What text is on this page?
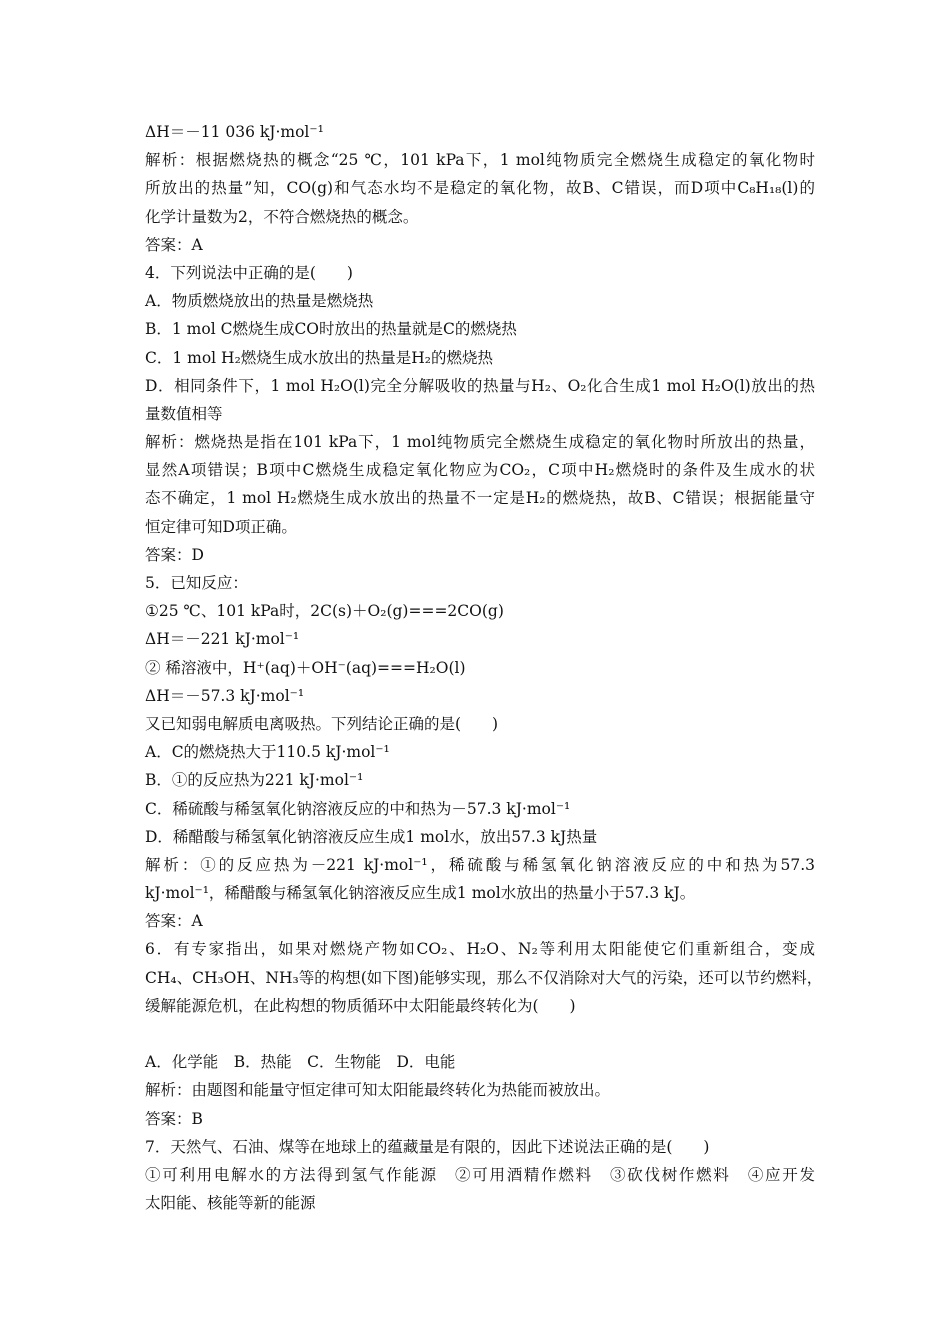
ΔH＝－11 036 kJ·mol⁻¹
解析：根据燃烧热的概念“25 ℃，101 kPa下，1 mol纯物质完全燃烧生成稳定的氧化物时
所放出的热量”知，CO(g)和气态水均不是稳定的氧化物，故B、C错误，而D项中C₈H₁₈(l)的
化学计量数为2，不符合燃烧热的概念。
答案：A
4．下列说法中正确的是(　　)
A．物质燃烧放出的热量是燃烧热
B．1 mol C燃烧生成CO时放出的热量就是C的燃烧热
C．1 mol H₂燃烧生成水放出的热量是H₂的燃烧热
D．相同条件下，1 mol H₂O(l)完全分解吸收的热量与H₂、O₂化合生成1 mol H₂O(l)放出的热
量数值相等
解析：燃烧热是指在101 kPa下，1 mol纯物质完全燃烧生成稳定的氧化物时所放出的热量，
显然A项错误；B项中C燃烧生成稳定氧化物应为CO₂，C项中H₂燃烧时的条件及生成水的状
态不确定，1 mol H₂燃烧生成水放出的热量不一定是H₂的燃烧热，故B、C错误；根据能量守
恒定律可知D项正确。
答案：D
5．已知反应：
①25 ℃、101 kPa时，2C(s)＋O₂(g)===2CO(g)
ΔH＝－221 kJ·mol⁻¹
② 稀溶液中，H⁺(aq)＋OH⁻(aq)===H₂O(l)
ΔH＝－57.3 kJ·mol⁻¹
又已知弱电解质电离吸热。下列结论正确的是(　　)
A．C的燃烧热大于110.5 kJ·mol⁻¹
B．①的反应热为221 kJ·mol⁻¹
C．稀硫酸与稀氢氧化钠溶液反应的中和热为－57.3 kJ·mol⁻¹
D．稀醋酸与稀氢氧化钠溶液反应生成1 mol水，放出57.3 kJ热量
解析：①的反应热为－221 kJ·mol⁻¹，稀硫酸与稀氢氧化钠溶液反应的中和热为57.3
kJ·mol⁻¹，稀醋酸与稀氢氧化钠溶液反应生成1 mol水放出的热量小于57.3 kJ。
答案：A
6．有专家指出，如果对燃烧产物如CO₂、H₂O、N₂等利用太阳能使它们重新组合，变成
CH₄、CH₃OH、NH₃等的构想(如下图)能够实现，那么不仅消除对大气的污染，还可以节约燃料，
缓解能源危机，在此构想的物质循环中太阳能最终转化为(　　)
A．化学能　B．热能　C．生物能　D．电能
解析：由题图和能量守恒定律可知太阳能最终转化为热能而被放出。
答案：B
7．天然气、石油、煤等在地球上的蕴藏量是有限的，因此下述说法正确的是(　　)
①可利用电解水的方法得到氢气作能源　②可用酒精作燃料　③砍伐树作燃料　④应开发
太阳能、核能等新的能源
